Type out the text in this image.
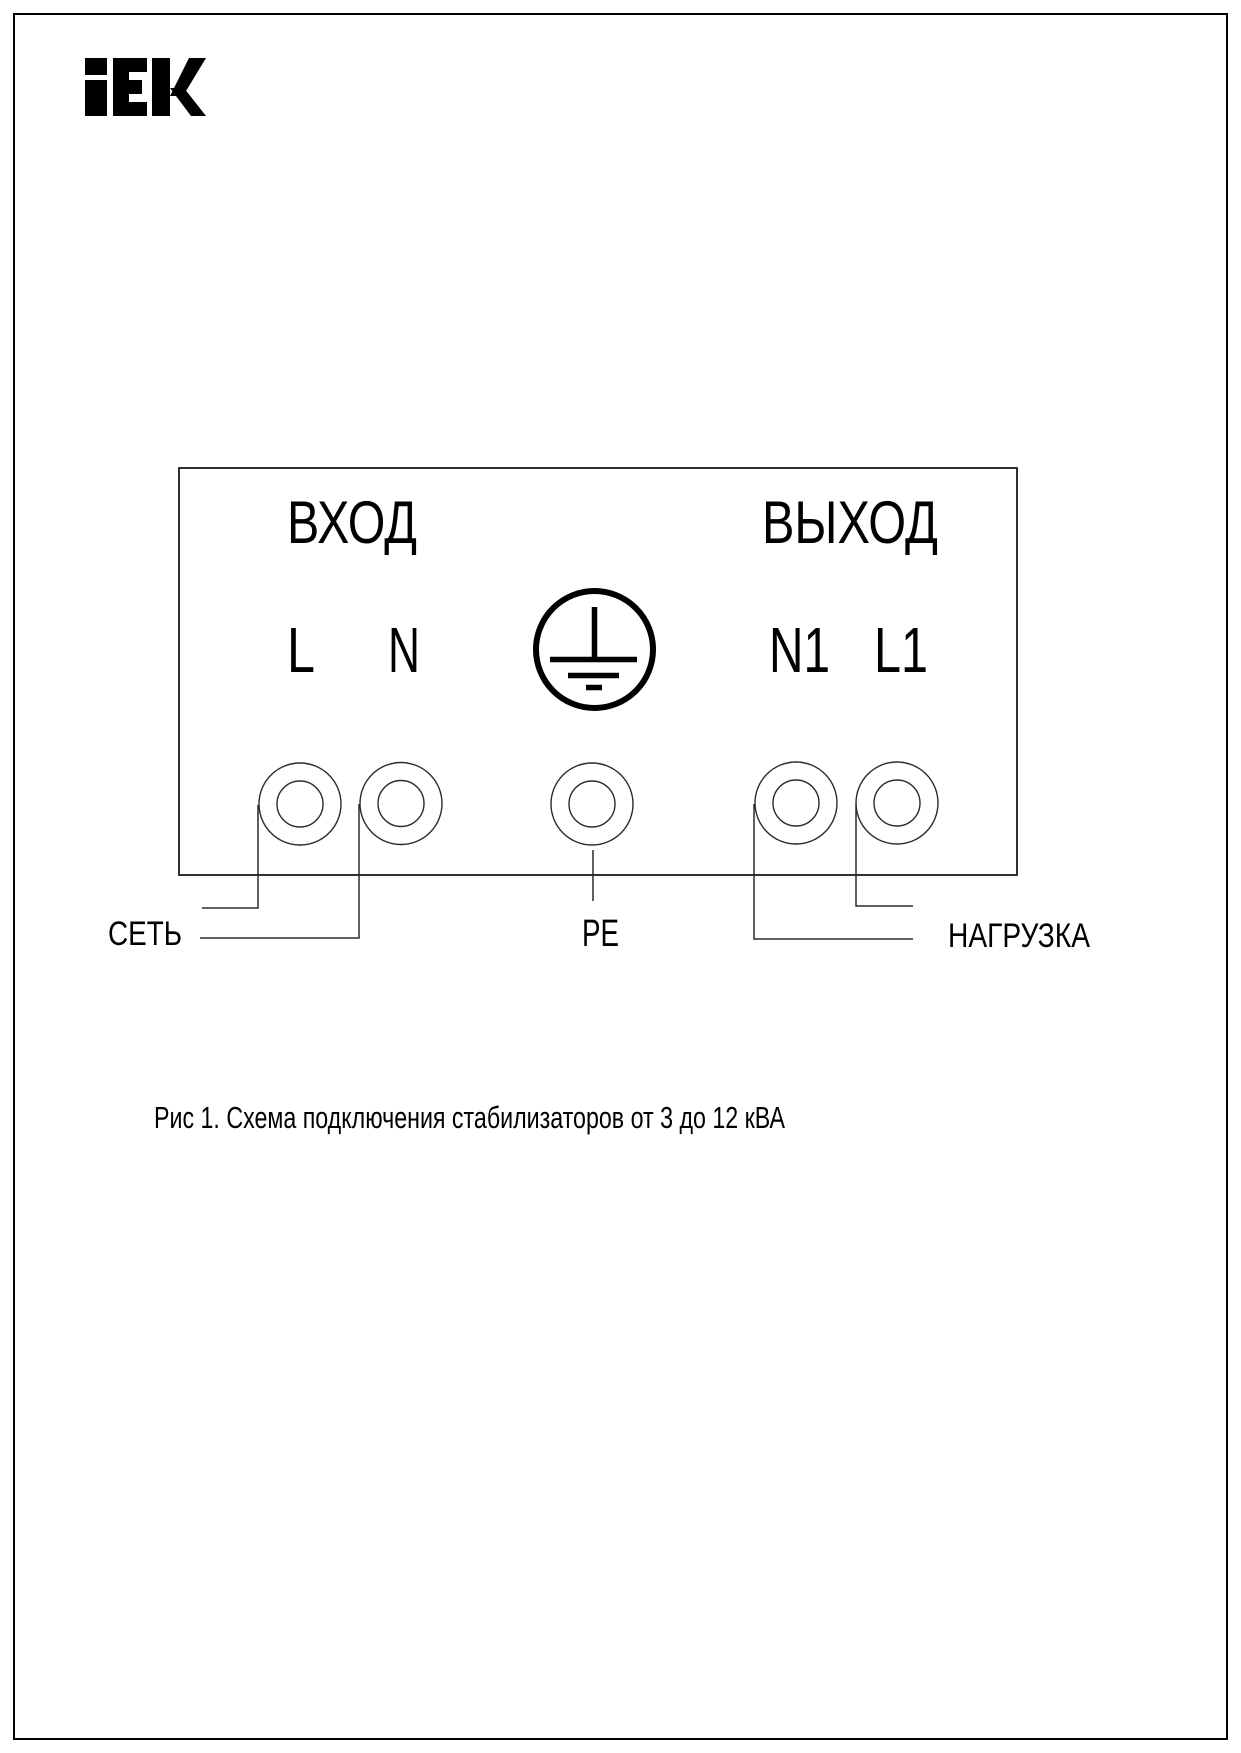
ВХОД	ВЫХОД
L N	N1 L1
СЕТЬ	PE	НАГРУЗКА
Рис 1. Схема подключения стабилизаторов от 3 до 12 кВА
